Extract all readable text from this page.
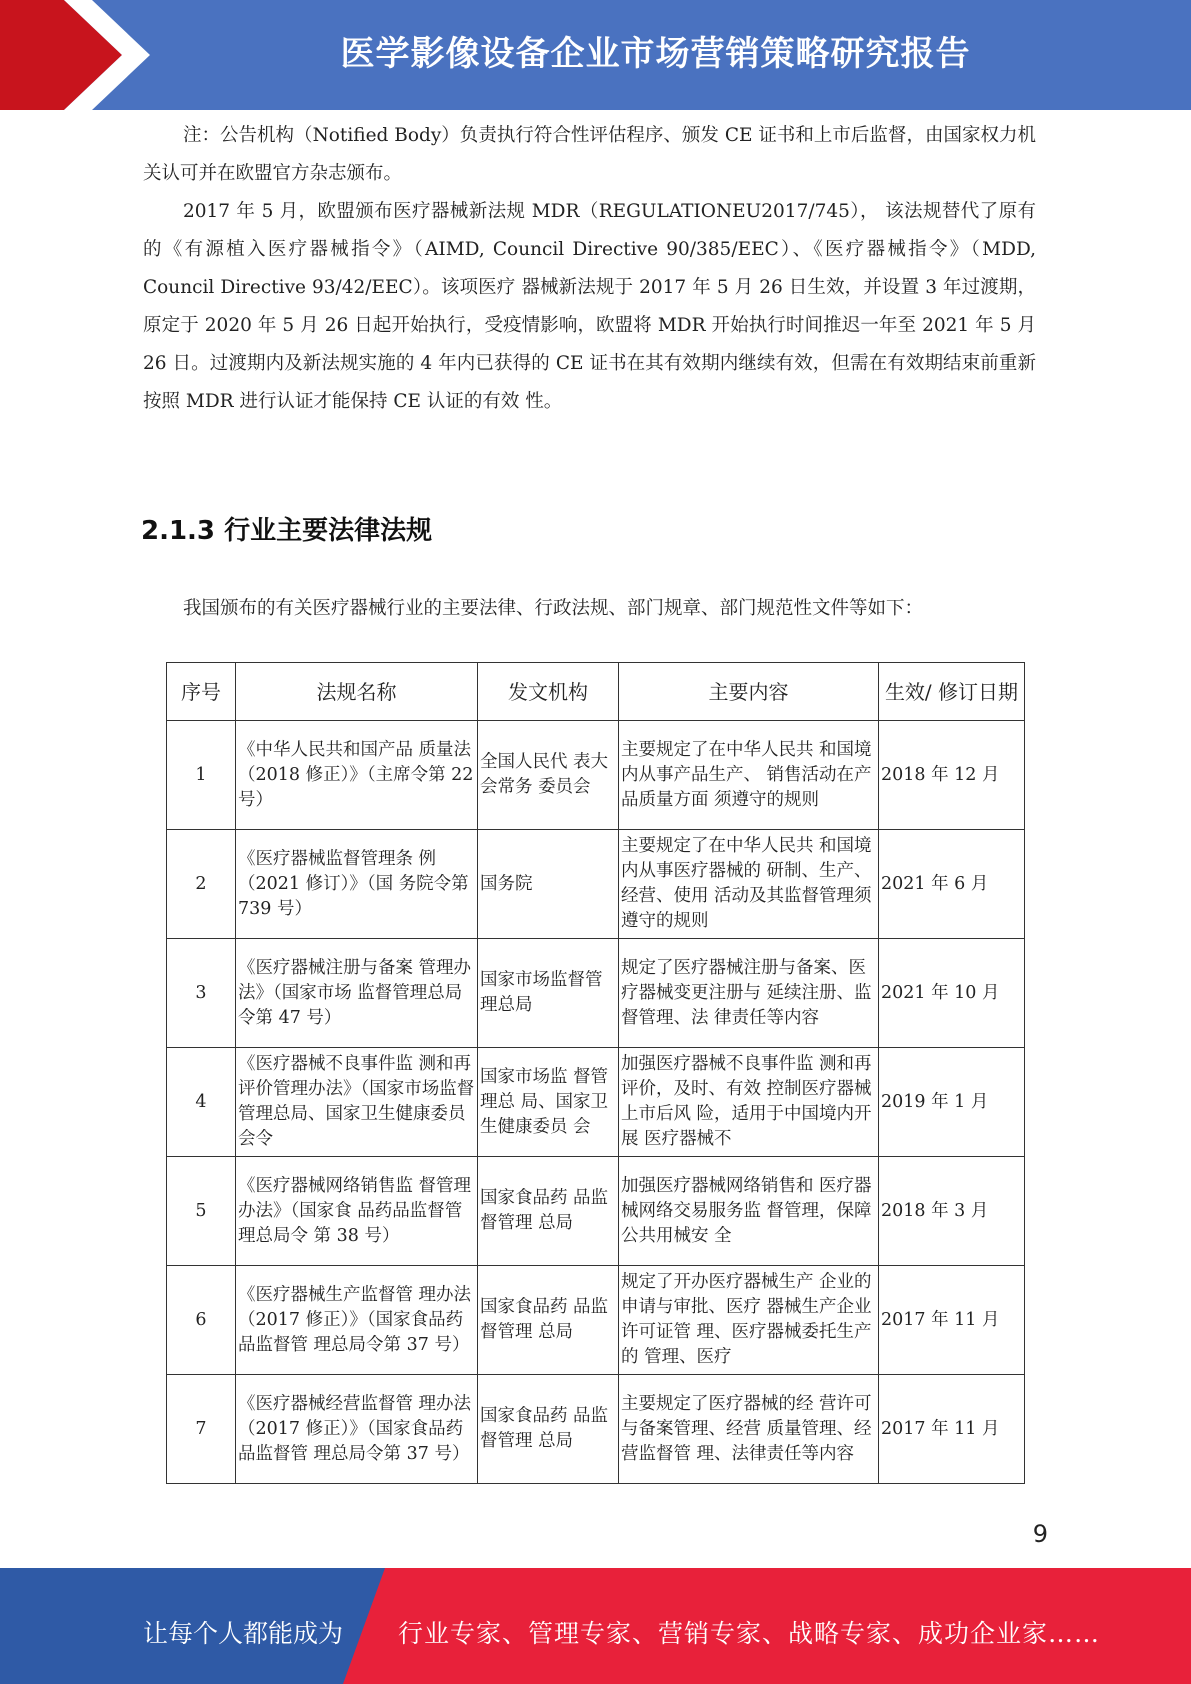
医学影像设备企业市场营销策略研究报告

注：公告机构（Notified Body）负责执行符合性评估程序、颁发 CE 证书和上市后监督，由国家权力机关认可并在欧盟官方杂志颁布。

2017 年 5 月，欧盟颁布医疗器械新法规 MDR（REGULATIONEU2017/745）， 该法规替代了原有的《有源植入医疗器械指令》（AIMD, Council Directive 90/385/EEC）、《医疗器械指令》（MDD, Council Directive 93/42/EEC）。该项医疗 器械新法规于 2017 年 5 月 26 日生效，并设置 3 年过渡期，原定于 2020 年 5 月 26 日起开始执行，受疫情影响，欧盟将 MDR 开始执行时间推迟一年至 2021 年 5 月 26 日。过渡期内及新法规实施的 4 年内已获得的 CE 证书在其有效期内继续有效，但需在有效期结束前重新按照 MDR 进行认证才能保持 CE 认证的有效 性。

2.1.3 行业主要法律法规
我国颁布的有关医疗器械行业的主要法律、行政法规、部门规章、部门规范性文件等如下：
序号	法规名称	发文机构	主要内容	生效/ 修订日期
1	《中华人民共和国产品 质量法（2018 修正）》（主席令第 22 号）	全国人民代 表大会常务 委员会	主要规定了在中华人民共 和国境内从事产品生产、 销售活动在产品质量方面 须遵守的规则	2018 年 12 月
2	《医疗器械监督管理条 例（2021 修订）》（国 务院令第 739 号）	国务院	主要规定了在中华人民共 和国境内从事医疗器械的 研制、生产、经营、使用 活动及其监督管理须遵守的规则	2021 年 6 月
3	《医疗器械注册与备案 管理办法》（国家市场 监督管理总局令第 47 号）	国家市场监督管理总局	规定了医疗器械注册与备案、医疗器械变更注册与 延续注册、监督管理、法 律责任等内容	2021 年 10 月
4	《医疗器械不良事件监 测和再评价管理办法》（国家市场监督管理总局、国家卫生健康委员 会令	国家市场监 督管理总 局、国家卫 生健康委员 会	加强医疗器械不良事件监 测和再评价，及时、有效 控制医疗器械上市后风 险，适用于中国境内开展 医疗器械不	2019 年 1 月
5	《医疗器械网络销售监 督管理办法》（国家食 品药品监督管理总局令 第 38 号）	国家食品药 品监督管理 总局	加强医疗器械网络销售和 医疗器械网络交易服务监 督管理，保障公共用械安 全	2018 年 3 月
6	《医疗器械生产监督管 理办法（2017 修正）》（国家食品药品监督管 理总局令第 37 号）	国家食品药 品监督管理 总局	规定了开办医疗器械生产 企业的申请与审批、医疗 器械生产企业许可证管 理、医疗器械委托生产的 管理、医疗	2017 年 11 月
7	《医疗器械经营监督管 理办法（2017 修正）》（国家食品药品监督管 理总局令第 37 号）	国家食品药 品监督管理 总局	主要规定了医疗器械的经 营许可与备案管理、经营 质量管理、经营监督管 理、法律责任等内容	2017 年 11 月
9
让每个人都能成为 行业专家、管理专家、营销专家、战略专家、成功企业家……
